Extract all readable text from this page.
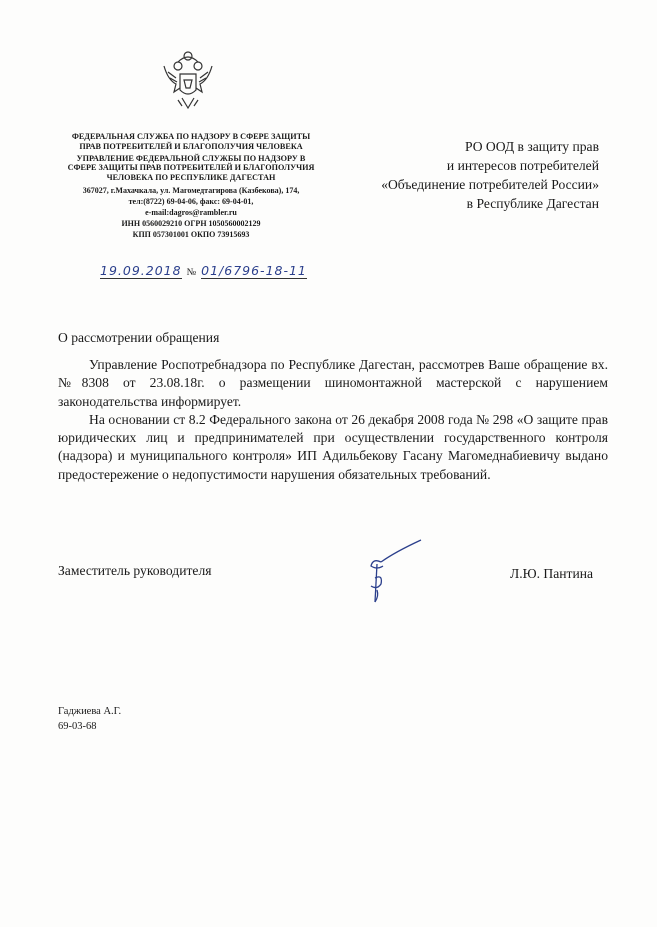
ФЕДЕРАЛЬНАЯ СЛУЖБА ПО НАДЗОРУ В СФЕРЕ ЗАЩИТЫ ПРАВ ПОТРЕБИТЕЛЕЙ И БЛАГОПОЛУЧИЯ ЧЕЛОВЕКА
УПРАВЛЕНИЕ ФЕДЕРАЛЬНОЙ СЛУЖБЫ ПО НАДЗОРУ В СФЕРЕ ЗАЩИТЫ ПРАВ ПОТРЕБИТЕЛЕЙ И БЛАГОПОЛУЧИЯ ЧЕЛОВЕКА ПО РЕСПУБЛИКЕ ДАГЕСТАН
367027, г.Махачкала, ул. Магомедтагирова (Казбекова), 174,
тел:(8722) 69-04-06, факс: 69-04-01,
e-mail:dagros@rambler.ru
ИНН 0560029210 ОГРН 1050560002129
КПП 057301001 ОКПО 73915693
19.09.2018 № 01/6796-18-11
РО ООД в защиту прав
и интересов потребителей
«Объединение потребителей России»
в Республике Дагестан
О рассмотрении обращения

Управление Роспотребнадзора по Республике Дагестан, рассмотрев Ваше обращение вх. №8308 от 23.08.18г. о размещении шиномонтажной мастерской с нарушением законодательства информирует.

На основании ст 8.2 Федерального закона от 26 декабря 2008 года № 298 «О защите прав юридических лиц и предпринимателей при осуществлении государственного контроля (надзора) и муниципального контроля» ИП Адильбекову Гасану Магомеднабиевичу выдано предостережение о недопустимости нарушения обязательных требований.

Заместитель руководителя	Л.Ю. Пантина
Гаджиева А.Г.
69-03-68
